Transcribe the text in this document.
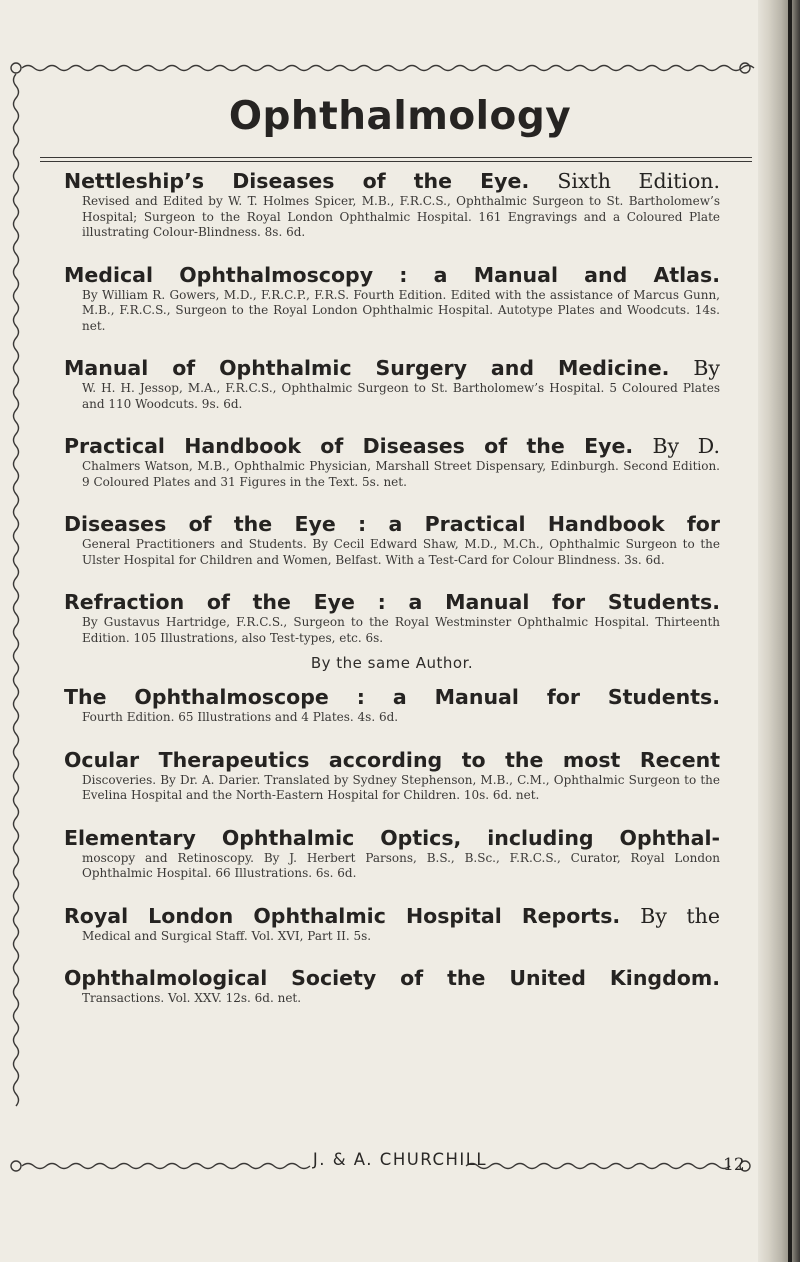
Ophthalmology
Nettleship’s Diseases of the Eye. Sixth Edition.
Revised and Edited by W. T. Holmes Spicer, M.B., F.R.C.S., Ophthalmic Surgeon to St. Bartholomew’s Hospital; Surgeon to the Royal London Ophthalmic Hospital. 161 Engravings and a Coloured Plate illustrating Colour-Blindness. 8s. 6d.
Medical Ophthalmoscopy : a Manual and Atlas.
By William R. Gowers, M.D., F.R.C.P., F.R.S. Fourth Edition. Edited with the assistance of Marcus Gunn, M.B., F.R.C.S., Surgeon to the Royal London Ophthalmic Hospital. Autotype Plates and Woodcuts. 14s. net.
Manual of Ophthalmic Surgery and Medicine. By
W. H. H. Jessop, M.A., F.R.C.S., Ophthalmic Surgeon to St. Bartholomew’s Hospital. 5 Coloured Plates and 110 Woodcuts. 9s. 6d.
Practical Handbook of Diseases of the Eye. By D.
Chalmers Watson, M.B., Ophthalmic Physician, Marshall Street Dispensary, Edinburgh. Second Edition. 9 Coloured Plates and 31 Figures in the Text. 5s. net.
Diseases of the Eye : a Practical Handbook for
General Practitioners and Students. By Cecil Edward Shaw, M.D., M.Ch., Ophthalmic Surgeon to the Ulster Hospital for Children and Women, Belfast. With a Test-Card for Colour Blindness. 3s. 6d.
Refraction of the Eye : a Manual for Students.
By Gustavus Hartridge, F.R.C.S., Surgeon to the Royal Westminster Ophthalmic Hospital. Thirteenth Edition. 105 Illustrations, also Test-types, etc. 6s.
By the same Author.
The Ophthalmoscope : a Manual for Students.
Fourth Edition. 65 Illustrations and 4 Plates. 4s. 6d.
Ocular Therapeutics according to the most Recent
Discoveries. By Dr. A. Darier. Translated by Sydney Stephenson, M.B., C.M., Ophthalmic Surgeon to the Evelina Hospital and the North-Eastern Hospital for Children. 10s. 6d. net.
Elementary Ophthalmic Optics, including Ophthal-
moscopy and Retinoscopy. By J. Herbert Parsons, B.S., B.Sc., F.R.C.S., Curator, Royal London Ophthalmic Hospital. 66 Illustrations. 6s. 6d.
Royal London Ophthalmic Hospital Reports. By the
Medical and Surgical Staff. Vol. XVI, Part II. 5s.
Ophthalmological Society of the United Kingdom.
Transactions. Vol. XXV. 12s. 6d. net.
J. & A. CHURCHILL	12
